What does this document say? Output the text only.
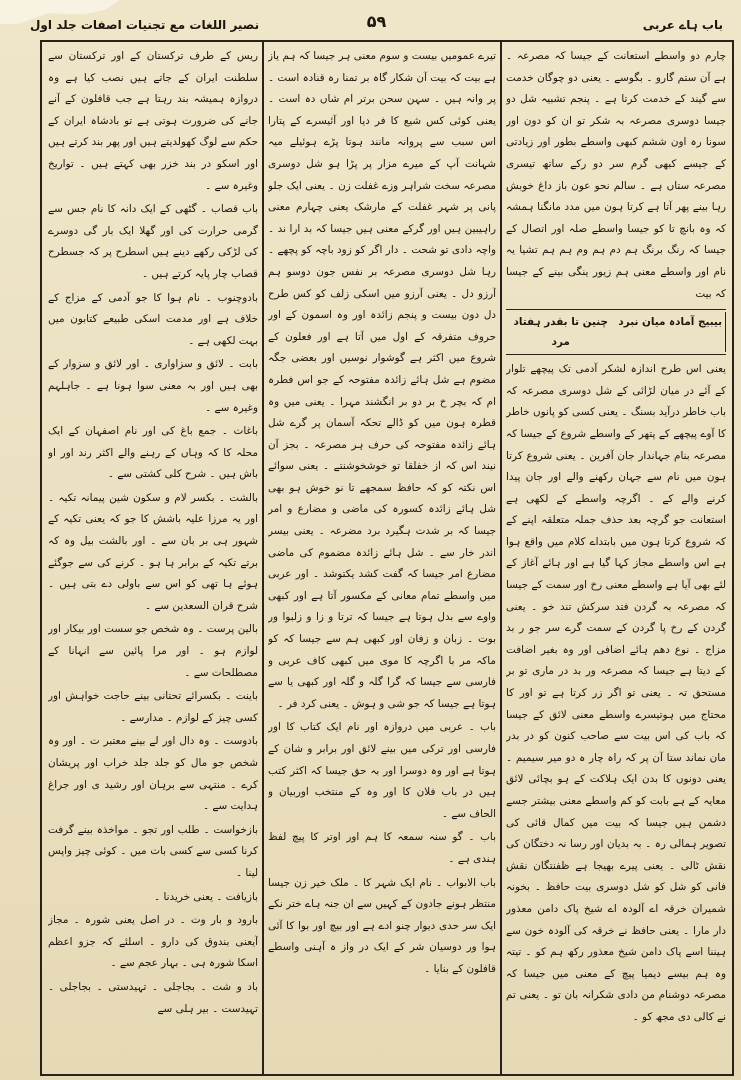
نصیر اللغات مع تجنیات اصفات جلد اول	۵۹	باب ہاے عربی

چارم دو واسطے استعانت کے جیسا کہ مصرعہ ۔ ہے آن ستم گارو ۔ بگوسے ۔ یعنی دو چوگان خدمت سے گیند کے خدمت کرتا ہے ۔ پنجم تشبیہ شل دو جیسا دوسری مصرعہ بہ شکر تو ان کو دون اور سونا رہ اون ششم کبھی واسطے بطور اور زیادتی کے جیسے کبھی گرم سر دو رکے ساتھ تیسری مصرعہ ستاں ہے ۔ سالم نحو عون باز داغ خوبش رہا بینے پھر آتا ہے کرتا ہون میں مدد مانگنا ہمشہ کہ وہ بانچ تا کو جیسا واسطے صلہ اور اتصال کے جیسا کہ رنگ برنگ ہم دم ہم وم ہم ہم تشیا یہ نام اور واسطے معنی ہم زیور ینگی بینے کے جیسا کہ بیت

چنین تا بقدر ہفتاد مرد
بیبیج آمادہ میان نبرد

یعنی اس طرح اندازہ لشکر آدمی تک پیچھے تلوار کے آئے در میان لڑائی کے شل دوسری مصرعہ کہ باب خاطر درآید بسنگ ۔ یعنی کسی کو پانوں خاطر کا آوے پیچھے کے پتھر کے واسطے شروع کے جیسا کہ مصرعہ بنام جہاندار جان آفرین ۔ یعنی شروع کرتا ہون میں نام سے جہان رکھنے والے اور جان پیدا کرنے والے کے ۔ اگرچہ واسطے کے لکھی ہے استعانت جو گرچہ بعد حذف جملہ متعلقہ اپنے کے کہ شروع کرتا ہون میں بابتداے کلام میں واقع ہوا ہے اس واسطے مجاز کہا گیا ہے اور ہائے آغاز کے لئے بھی آیا ہے واسطے معنی رخ اور سمت کے جیسا کہ مصرعہ بہ گردن فتد سرکش تند خو ۔ یعنی گردن کے رخ پا گردن کے سمت گرے سر جو ر بد مزاج ۔ نوع دھم ہائے اضافی اور وہ بغیر اضافت کے دیتا ہے جیسا کہ مصرعہ ور بد در ماری تو بر مستحق تہ ۔ یعنی تو اگر زر کرتا ہے تو اور کا محتاج میں ہوتیسرے واسطے معنی لائق کے جیسا کہ باب کی اس بیت سے صاحب کنون کو در بدر مان نماند ستا آن پر کہ راہ چار ہ دو میر سیمیم ۔ یعنی دونوں کا بدن ایک ہلاکت کے ہو بچائی لائق معایہ کے ہے بابت کو کم واسطے معنی بیشتر جسے دشمن ہیں جیسا کہ بیت میں کمال قائی کی تصویر ہمالی رہ ۔ بہ بدیان اور رسا نہ دختگان کی نقش ٹالی ۔ یعنی پیرے بھیجا ہے ظفنتگان نقش فانی کو شل کو شل دوسری بیت حافظ ۔ بخونہ شمیران خرقہ اے آلودہ اے شیخ پاک دامن معذور دار مارا ۔ یعنی حافظ نے خرقہ کی آلودہ خون سے ہیننا اسے پاک دامن شیخ معذور رکھ ہم کو ۔ تیتہ وہ ہم بیسے دیمیا پیچ کے معنی میں جیسا کہ مصرعہ دوشنام من دادی شکرانہ بان تو ۔ یعنی تم نے کالی دی مجھ کو ۔

تیرے عمومیں بیست و سوم معنی ہر جیسا کہ ہم یاز ہے بیت کہ بیت آن شکار گاہ بر تمنا رہ قنادہ است ۔ پر وانہ ہیں ۔ سہن سحن برتر ام شاں دہ است ۔ یعنی کوئی کس شیع کا فر دیا اور آئیسرے کے پتارا اس سبب سے پروانہ مانند ہوتا پڑے ہوئیلے میہ شہانت آپ کے میرے مزار پر پڑا ہو شل دوسری مصرعہ سخت شراہر وزے غفلت زن ۔ یعنی ایک جلو پانی پر شہر غفلت کے مارشک یعنی چہارم معنی راہیبین ہیں اور گرکے معنی ہیں جیسا کہ بد ارا ند ۔ واچہ دادی تو شحت ۔ دار اگر کو زود باچہ کو پچھے ۔ رہا شل دوسری مصرعہ بر نفس جون دوسو ہم آرزو دل ۔ یعنی آرزو میں اسکی زلف کو کس طرح دل دون بیست و پنجم زائدہ اور وہ اسمون کے اور حروف متفرقہ کے اول میں آتا ہے اور فعلون کے شروع میں اکثر ہے گوشوار نوسیں اور بعضی جگہ مضوم ہے شل ہائے زائدہ مفتوحہ کے جو اس فطرہ ام کہ بچر خ بر دو بر انگشند مہرا ۔ یعنی میں وہ قطرہ ہون میں کو ڈالے تحکہ آسمان پر گرے شل ہائے زائدہ مفتوحہ کی حرف ہر مصرعہ ۔ بجز آن نیند اس کہ از خفلقا تو خوشخوشنتے ۔ یعنی سوائے اس نکتہ کو کہ حافظ سمجھے تا نو خوش ہو بھی شل ہائے زائدہ کسورہ کی ماضی و مضارع و امر جیسا کہ بر شدت ہگیرد برد مضرعہ ۔ یعنی بیسر اندر خار سے ۔ شل ہائے زائدہ مضموم کی ماضی مضارع امر جیسا کہ گفت کشد یکتوشد ۔ اور عربی میں واسطے تمام معانی کے مکسور آتا ہے اور کبھی واوے سے بدل ہوتا ہے جیسا کہ ترتا و زا و زلبوا ور بوت ۔ زبان و زفان اور کبھی ہم سے جیسا کہ کو ماکہ مر با اگرچہ کا موی میں کبھی کاف عربی و فارسی سے جیسا کہ گرا گلہ و گلہ اور کبھی یا سے ہوتا ہے جیسا کہ جو شی و ہوش ۔ یعنی کرد فر ۔

باب ۔ عربی میں دروازہ اور نام ایک کتاب کا اور فارسی اور ترکی میں بینے لائق اور برابر و شان کے ہوتا ہے اور وہ دوسرا اور بہ حق جیسا کہ اکثر کتب ہیں در باب فلان کا اور وہ کے منتخب اوربیان و الحاف سے ۔

باب ۔ گو سنہ سمعہ کا ہم اور اوتر کا پیچ لفظ ہندی ہے ۔

باب الابواب ۔ نام ایک شہر کا ۔ ملک خیر زن جیسا منتظر ہونے جادون کے کہیں سے ان جنہ ہاے ختر نکے ایک سر حدی دیوار چنو ادے ہے اور بیچ اور بوا کا آئی ہوا ور دوسیان شر کے ایک در واز ہ آہنی واسطے قافلون کے بنایا ۔

ریس کے طرف ترکستان کے اور ترکستان سے سلطنت ایران کے جاتے ہیں نصب کیا ہے وہ دروازہ ہمیشہ بند رہتا ہے جب قافلون کے آنے جانے کی ضرورت ہوتی ہے تو بادشاہ ایران کے حکم سے لوگ کھولدیتے ہیں اور پھر بند کرتے ہیں اور اسکو در بند خزر بھی کہتے ہیں ۔ تواریخ وغیرہ سے ۔

باب قصاب ۔ گٹھی کے ایک دانہ کا نام جس سے گرمی حرارت کی اور گھلا ایک بار گی دوسرے کی لڑکی رکھے دینے ہیں اسطرح پر کہ جسطرح قصاب چار پایہ کرتے ہیں ۔

بادوچنوب ۔ نام ہوا کا جو آدمی کے مزاج کے خلاف ہے اور مدمت اسکی طبیعے کتابون میں بہت لکھی ہے ۔

بابت ۔ لائق و سزاواری ۔ اور لائق و سزوار کے بھی ہیں اور بہ معنی سوا ہونا ہے ۔ جاہلہم وغیرہ سے ۔

باغات ۔ جمع باغ کی اور نام اصفہان کے ایک محلہ کا کہ وہاں کے رہنے والے اکثر رند اور او باش ہیں ۔ شرح کلی کشتی سے ۔

بالشت ۔ بکسر لام و سکون شین پیمانہ تکیہ ۔ اور یہ مرزا علیہ باشش کا جو کہ یعنی تکیہ کے شہور ہی بر بان سے ۔ اور بالشت بیل وہ کہ برتے تکیہ کے برابر ہا ہو ۔ کرنے کی سے جوگئے ہوئے ہا تھی کو اس سے باولی دے بتی ہیں ۔ شرح قران السعدین سے ۔

بالین پرست ۔ وہ شخص جو سست اور بیکار اور لوازم ہو ۔ اور مرا پائین سے انہانا کے مصطلحات سے ۔

باینت ۔ بکسرائے تحتانی بینے حاجت خواہش اور کسی چیز کے لوازم ۔ مدارسے ۔

بادوست ۔ وہ دال اور لے بینے معتبر ت ۔ اور وہ شخص جو مال کو جلد جلد خراب اور پریشان کرے ۔ منتہی سے برہان اور رشید ی اور جراغ ہدایت سے ۔

بازخواست ۔ طلب اور تجو ۔ مواخذہ بینے گرفت کرنا کسی سے کسی بات میں ۔ کوئی چیز واپس لینا ۔

بازیافت ۔ یعنی خریدنا ۔

بارود و بار وت ۔ در اصل یعنی شورہ ۔ مجاز آیعنی بندوق کی دارو ۔ اسلئے کہ جزو اعظم اسکا شورہ ہی ۔ بہار عجم سے ۔

باد و شت ۔ بجاجلی ۔ تہیدستی ۔ بجاجلی ۔ تہیدست ۔ بیر ہلی سے
